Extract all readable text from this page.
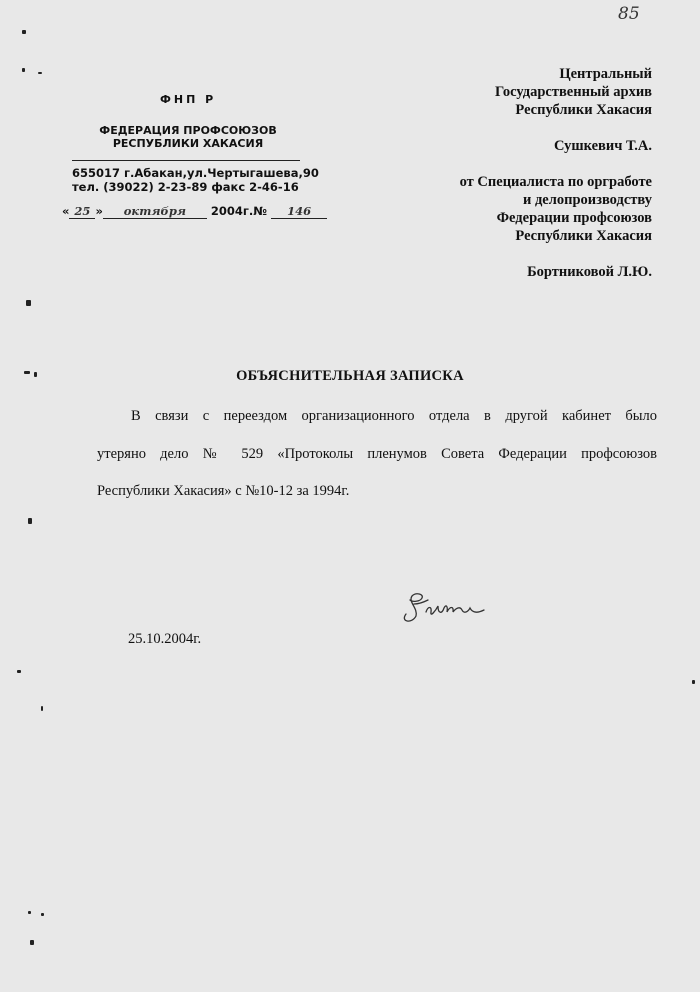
85
ФНП Р
ФЕДЕРАЦИЯ ПРОФСОЮЗОВ
РЕСПУБЛИКИ ХАКАСИЯ
655017 г.Абакан,ул.Чертыгашева,90
тел. (39022) 2-23-89 факс 2-46-16
« 25 » октября 2004г.№ 146
Центральный
Государственный архив
Республики Хакасия
Сушкевич Т.А.
от Специалиста по оргработе
и делопроизводству
Федерации профсоюзов
Республики Хакасия
Бортниковой Л.Ю.
ОБЪЯСНИТЕЛЬНАЯ ЗАПИСКА
В связи с переездом организационного отдела в другой кабинет было
утеряно дело № 529 «Протоколы пленумов Совета Федерации профсоюзов
Республики Хакасия» с №10-12 за 1994г.
25.10.2004г.
